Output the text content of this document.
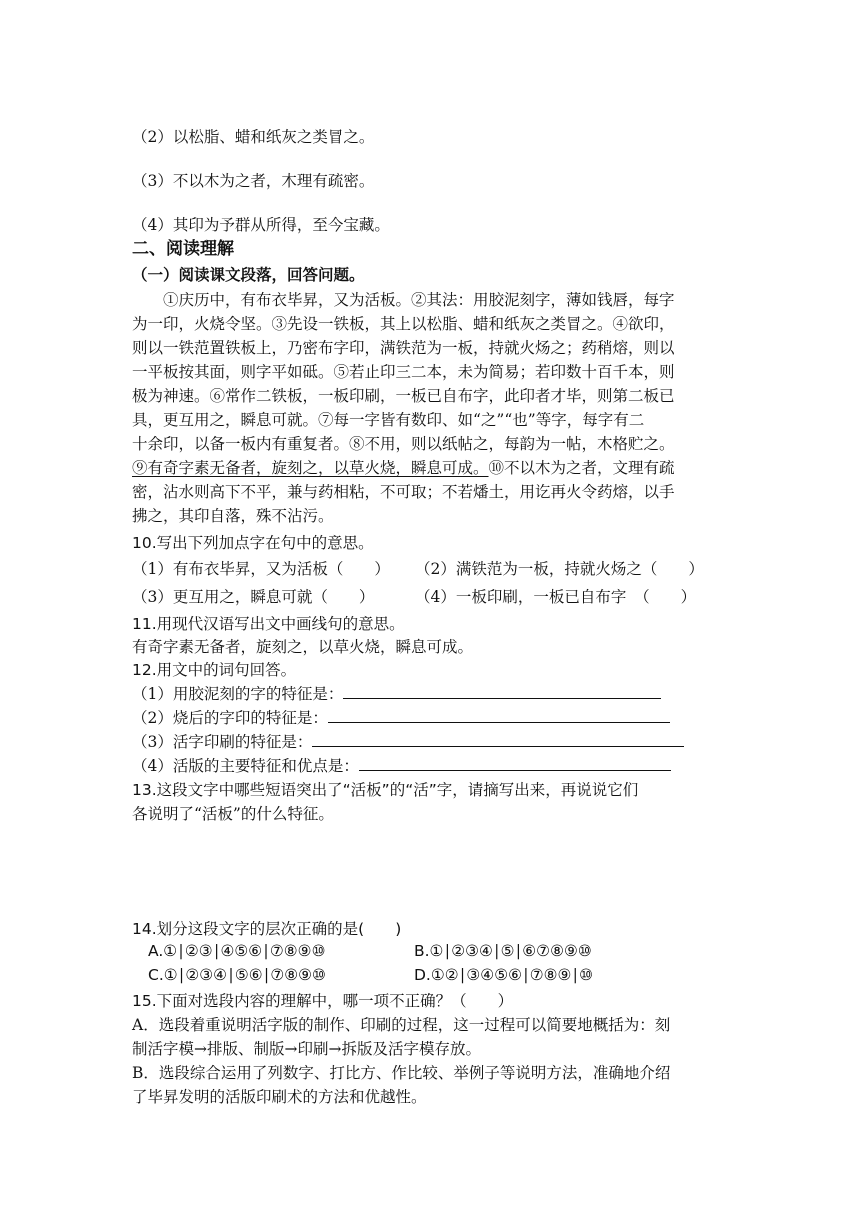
（2）以松脂、蜡和纸灰之类冒之。
（3）不以木为之者，木理有疏密。
（4）其印为予群从所得，至今宝藏。
二、阅读理解
（一）阅读课文段落，回答问题。
　　①庆历中，有布衣毕昇，又为活板。②其法：用胶泥刻字，薄如钱唇，每字
为一印，火烧令坚。③先设一铁板，其上以松脂、蜡和纸灰之类冒之。④欲印，
则以一铁范置铁板上，乃密布字印，满铁范为一板，持就火炀之；药稍熔，则以
一平板按其面，则字平如砥。⑤若止印三二本，未为简易；若印数十百千本，则
极为神速。⑥常作二铁板，一板印刷，一板已自布字，此印者才毕，则第二板已
具，更互用之，瞬息可就。⑦每一字皆有数印、如“之”“也”等字，每字有二
十余印，以备一板内有重复者。⑧不用，则以纸帖之，每韵为一帖，木格贮之。
⑨有奇字素无备者，旋刻之，以草火烧，瞬息可成。⑩不以木为之者，文理有疏
密，沾水则高下不平，兼与药相粘，不可取；不若燔土，用讫再火令药熔，以手
拂之，其印自落，殊不沾污。
10.写出下列加点字在句中的意思。
（1）有布衣毕昇，又为活板（　　） （2）满铁范为一板，持就火炀之（　　）
（3）更互用之，瞬息可就（　　）	（4）一板印刷，一板已自布字　（　　）
11.用现代汉语写出文中画线句的意思。
有奇字素无备者，旋刻之，以草火烧，瞬息可成。
12.用文中的词句回答。
（1）用胶泥刻的字的特征是：
（2）烧后的字印的特征是：
（3）活字印刷的特征是：
（4）活版的主要特征和优点是：
13.这段文字中哪些短语突出了“活板”的“活”字，请摘写出来，再说说它们
各说明了“活板”的什么特征。
14.划分这段文字的层次正确的是(　　)
A.①∣②③∣④⑤⑥∣⑦⑧⑨⑩	B.①∣②③④∣⑤∣⑥⑦⑧⑨⑩
C.①∣②③④∣⑤⑥∣⑦⑧⑨⑩	D.①②∣③④⑤⑥∣⑦⑧⑨∣⑩
15.下面对选段内容的理解中，哪一项不正确？（　　）
A．选段着重说明活字版的制作、印刷的过程，这一过程可以简要地概括为：刻
制活字模→排版、制版→印刷→拆版及活字模存放。
B．选段综合运用了列数字、打比方、作比较、举例子等说明方法，准确地介绍
了毕昇发明的活版印刷术的方法和优越性。
